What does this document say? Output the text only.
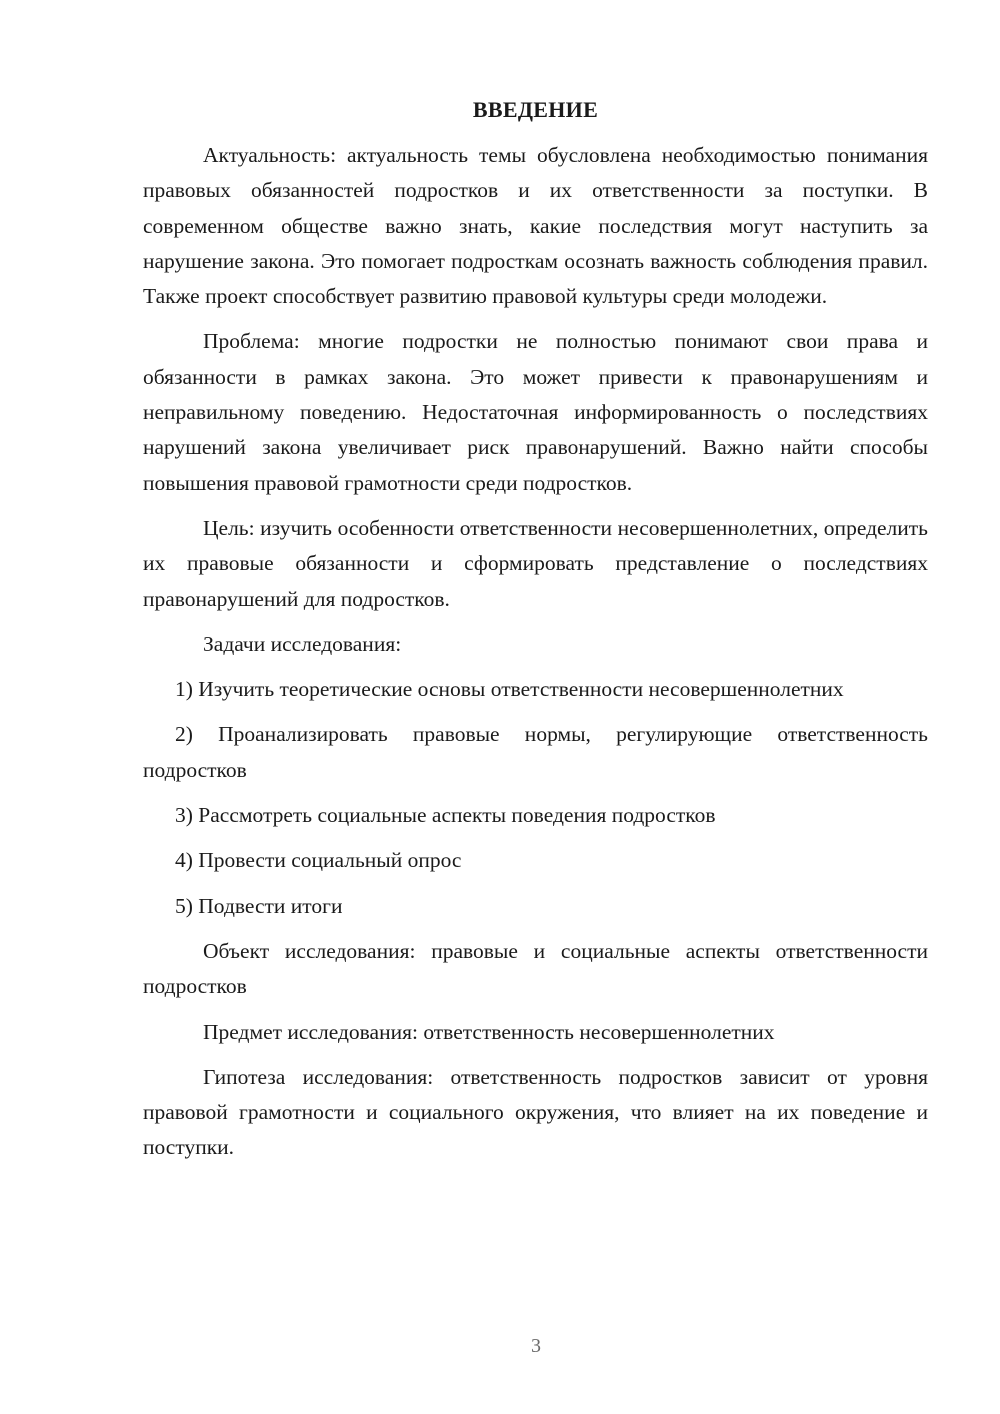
ВВЕДЕНИЕ

Актуальность: актуальность темы обусловлена необходимостью понимания правовых обязанностей подростков и их ответственности за поступки. В современном обществе важно знать, какие последствия могут наступить за нарушение закона. Это помогает подросткам осознать важность соблюдения правил. Также проект способствует развитию правовой культуры среди молодежи.

Проблема: многие подростки не полностью понимают свои права и обязанности в рамках закона. Это может привести к правонарушениям и неправильному поведению. Недостаточная информированность о последствиях нарушений закона увеличивает риск правонарушений. Важно найти способы повышения правовой грамотности среди подростков.

Цель: изучить особенности ответственности несовершеннолетних, определить их правовые обязанности и сформировать представление о последствиях правонарушений для подростков.

Задачи исследования:

1) Изучить теоретические основы ответственности несовершеннолетних

2) Проанализировать правовые нормы, регулирующие ответственность подростков

3) Рассмотреть социальные аспекты поведения подростков

4) Провести социальный опрос

5) Подвести итоги

Объект исследования: правовые и социальные аспекты ответственности подростков

Предмет исследования: ответственность несовершеннолетних

Гипотеза исследования: ответственность подростков зависит от уровня правовой грамотности и социального окружения, что влияет на их поведение и поступки.

3
